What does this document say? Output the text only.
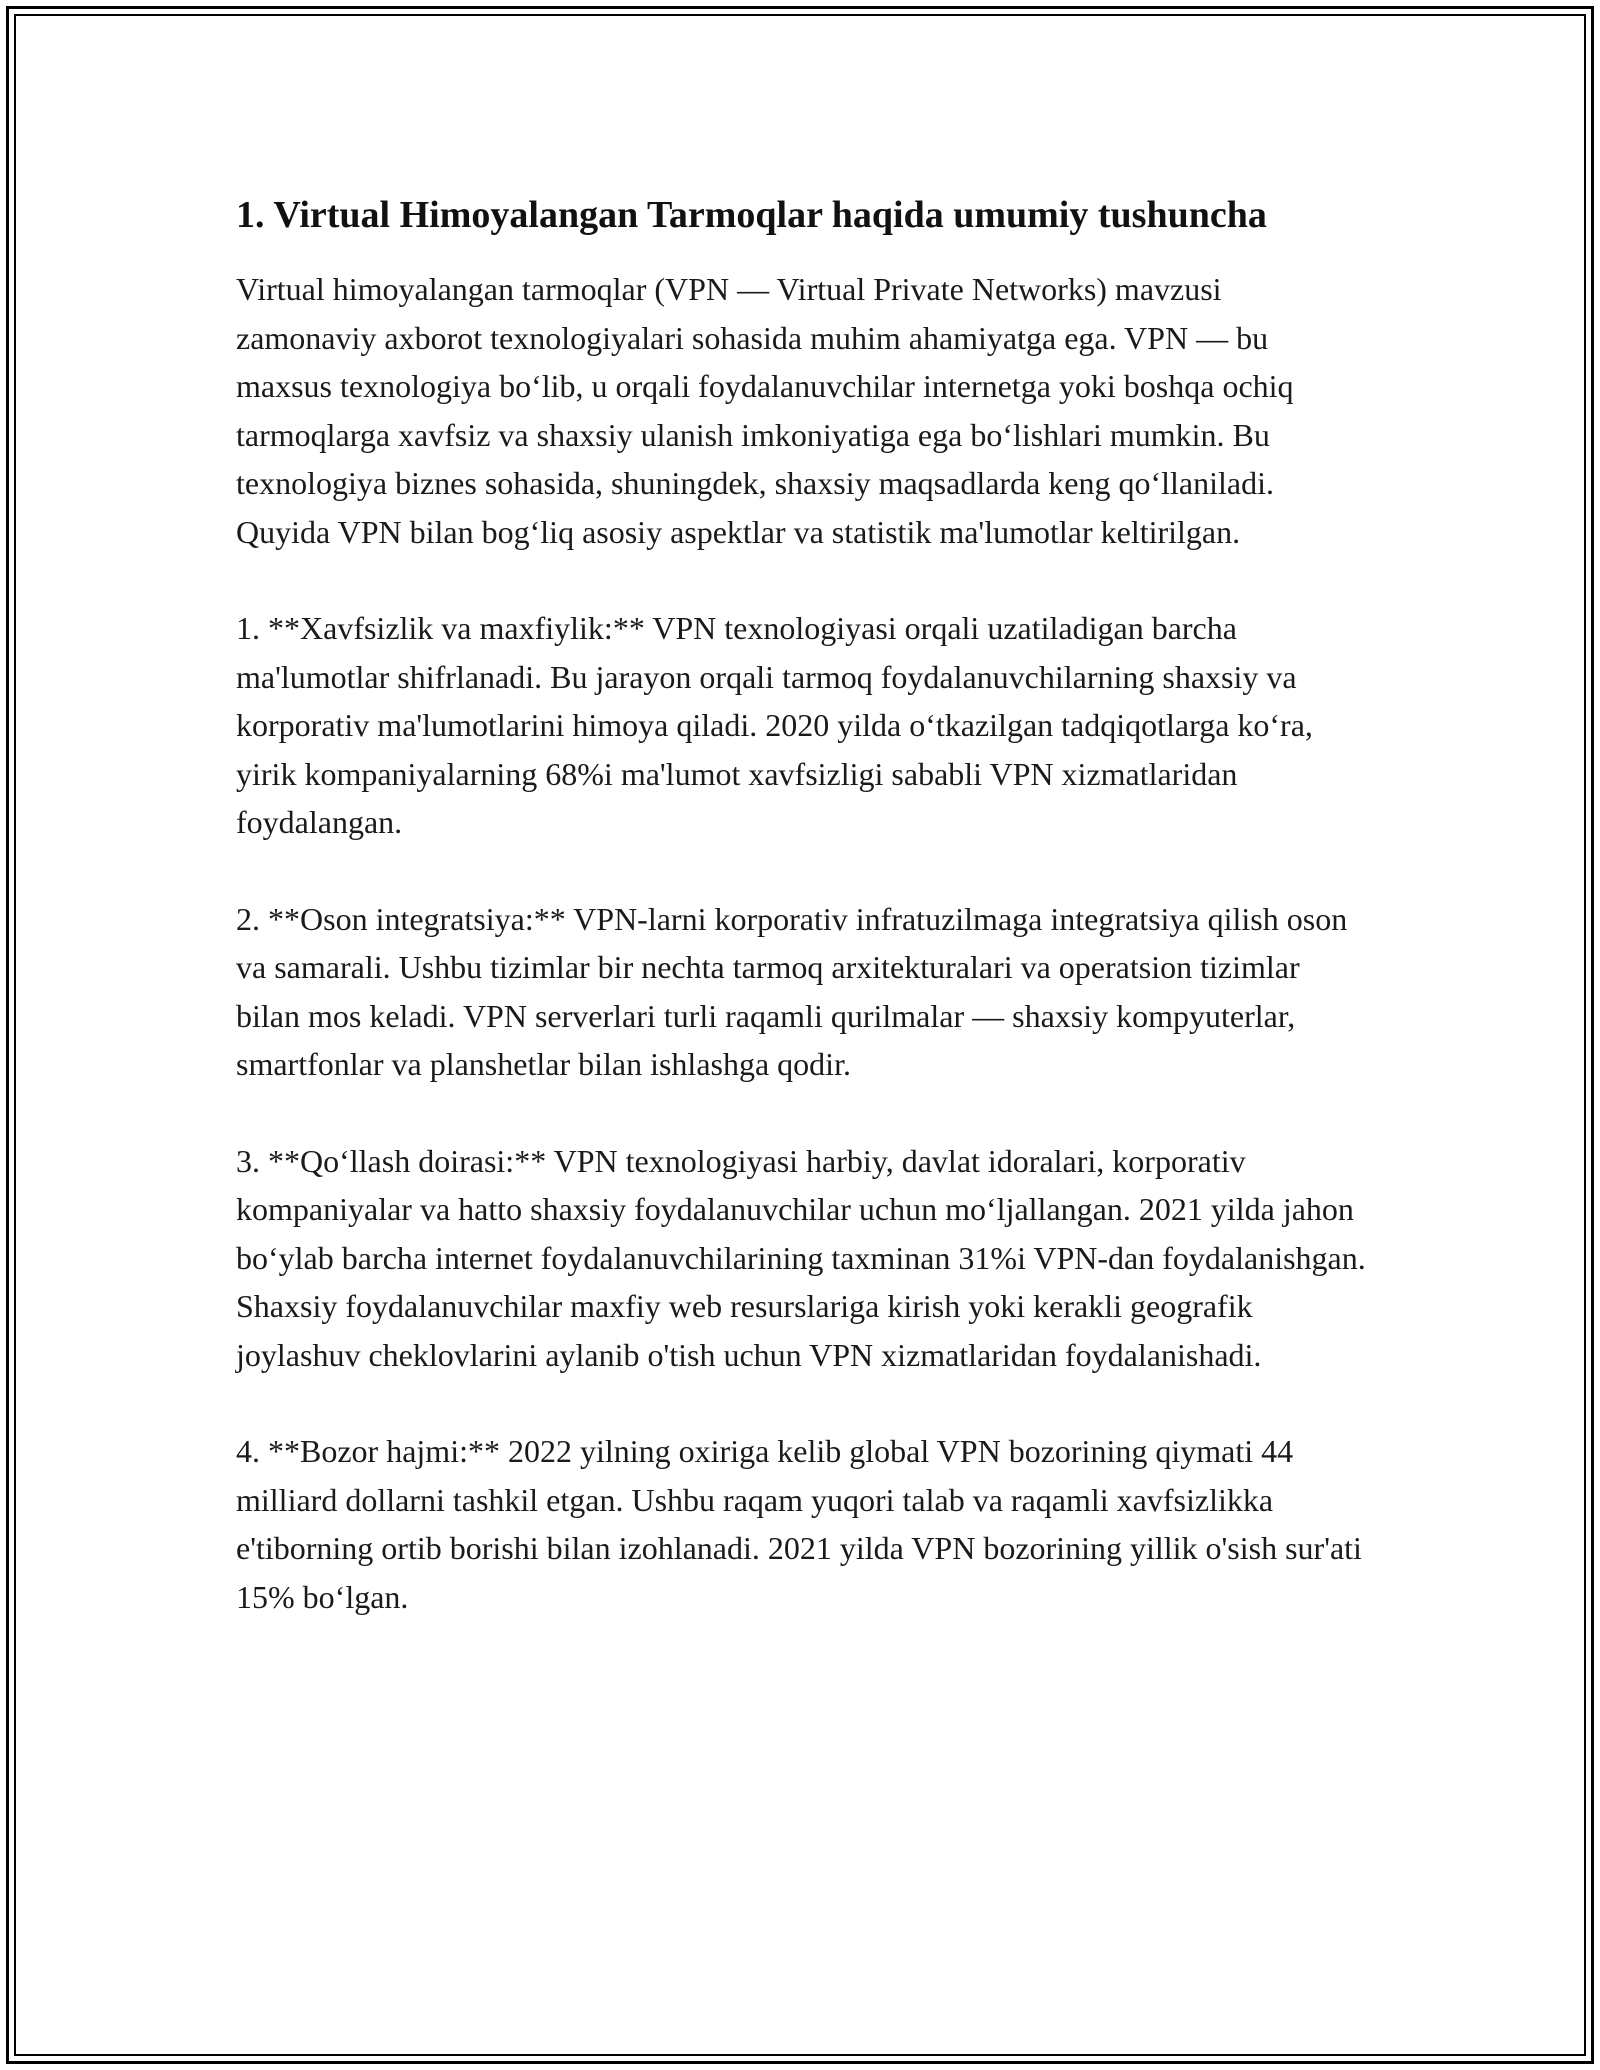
1. Virtual Himoyalangan Tarmoqlar haqida umumiy tushuncha

Virtual himoyalangan tarmoqlar (VPN — Virtual Private Networks) mavzusi zamonaviy axborot texnologiyalari sohasida muhim ahamiyatga ega. VPN — bu maxsus texnologiya boʻlib, u orqali foydalanuvchilar internetga yoki boshqa ochiq tarmoqlarga xavfsiz va shaxsiy ulanish imkoniyatiga ega boʻlishlari mumkin. Bu texnologiya biznes sohasida, shuningdek, shaxsiy maqsadlarda keng qoʻllaniladi. Quyida VPN bilan bogʻliq asosiy aspektlar va statistik ma'lumotlar keltirilgan.

1. **Xavfsizlik va maxfiylik:** VPN texnologiyasi orqali uzatiladigan barcha ma'lumotlar shifrlanadi. Bu jarayon orqali tarmoq foydalanuvchilarning shaxsiy va korporativ ma'lumotlarini himoya qiladi. 2020 yilda oʻtkazilgan tadqiqotlarga koʻra, yirik kompaniyalarning 68%i ma'lumot xavfsizligi sababli VPN xizmatlaridan foydalangan.

2. **Oson integratsiya:** VPN-larni korporativ infratuzilmaga integratsiya qilish oson va samarali. Ushbu tizimlar bir nechta tarmoq arxitekturalari va operatsion tizimlar bilan mos keladi. VPN serverlari turli raqamli qurilmalar — shaxsiy kompyuterlar, smartfonlar va planshetlar bilan ishlashga qodir.

3. **Qoʻllash doirasi:** VPN texnologiyasi harbiy, davlat idoralari, korporativ kompaniyalar va hatto shaxsiy foydalanuvchilar uchun moʻljallangan. 2021 yilda jahon boʻylab barcha internet foydalanuvchilarining taxminan 31%i VPN-dan foydalanishgan. Shaxsiy foydalanuvchilar maxfiy web resurslariga kirish yoki kerakli geografik joylashuv cheklovlarini aylanib o'tish uchun VPN xizmatlaridan foydalanishadi.

4. **Bozor hajmi:** 2022 yilning oxiriga kelib global VPN bozorining qiymati 44 milliard dollarni tashkil etgan. Ushbu raqam yuqori talab va raqamli xavfsizlikka e'tiborning ortib borishi bilan izohlanadi. 2021 yilda VPN bozorining yillik o'sish sur'ati 15% boʻlgan.
